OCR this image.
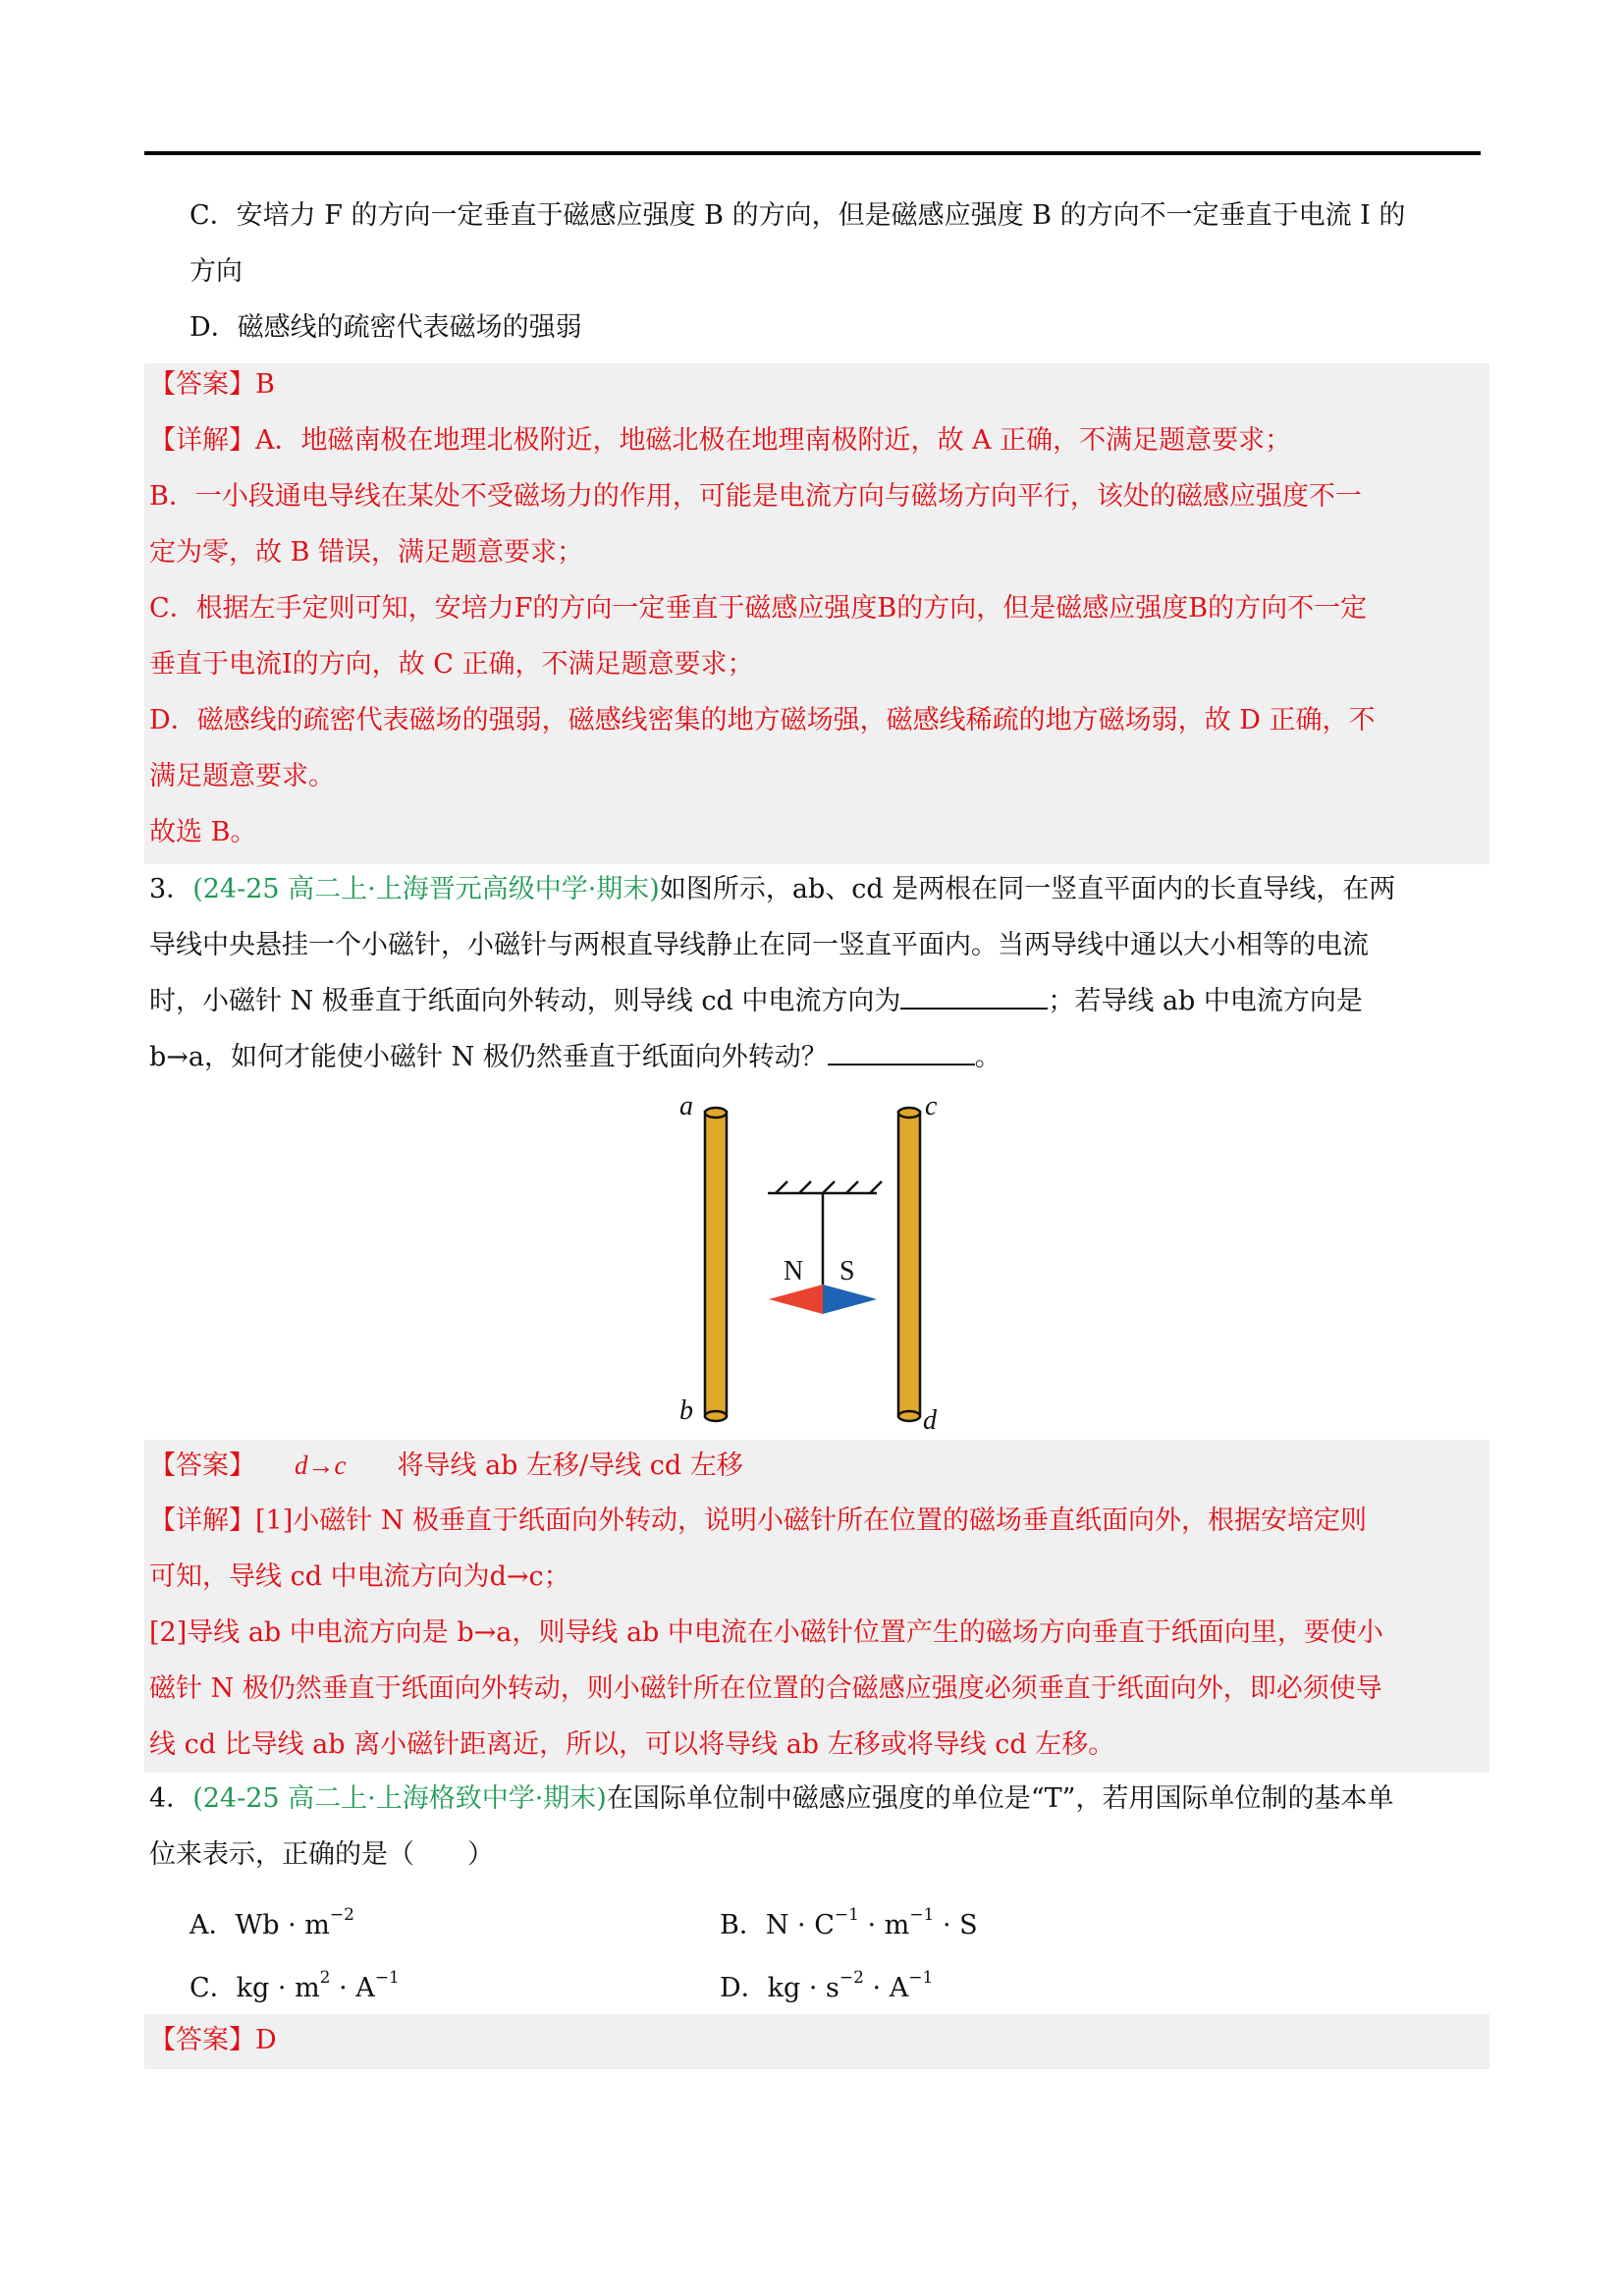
C．安培力 F 的方向一定垂直于磁感应强度 B 的方向，但是磁感应强度 B 的方向不一定垂直于电流 I 的
方向
D．磁感线的疏密代表磁场的强弱
【答案】B
【详解】A．地磁南极在地理北极附近，地磁北极在地理南极附近，故 A 正确，不满足题意要求；
B．一小段通电导线在某处不受磁场力的作用，可能是电流方向与磁场方向平行，该处的磁感应强度不一
定为零，故 B 错误，满足题意要求；
C．根据左手定则可知，安培力F的方向一定垂直于磁感应强度B的方向，但是磁感应强度B的方向不一定
垂直于电流I的方向，故 C 正确，不满足题意要求；
D．磁感线的疏密代表磁场的强弱，磁感线密集的地方磁场强，磁感线稀疏的地方磁场弱，故 D 正确，不
满足题意要求。
故选 B。
3．(24-25 高二上·上海晋元高级中学·期末)如图所示，ab、cd 是两根在同一竖直平面内的长直导线，在两
导线中央悬挂一个小磁针，小磁针与两根直导线静止在同一竖直平面内。当两导线中通以大小相等的电流
时，小磁针 N 极垂直于纸面向外转动，则导线 cd 中电流方向为	；若导线 ab 中电流方向是
b→a，如何才能使小磁针 N 极仍然垂直于纸面向外转动？	。
a
b
c
d
N S
【答案】 d→c 将导线 ab 左移/导线 cd 左移
【详解】[1]小磁针 N 极垂直于纸面向外转动，说明小磁针所在位置的磁场垂直纸面向外，根据安培定则
可知，导线 cd 中电流方向为d→c；
[2]导线 ab 中电流方向是 b→a，则导线 ab 中电流在小磁针位置产生的磁场方向垂直于纸面向里，要使小
磁针 N 极仍然垂直于纸面向外转动，则小磁针所在位置的合磁感应强度必须垂直于纸面向外，即必须使导
线 cd 比导线 ab 离小磁针距离近，所以，可以将导线 ab 左移或将导线 cd 左移。
4．(24-25 高二上·上海格致中学·期末)在国际单位制中磁感应强度的单位是“T”，若用国际单位制的基本单
位来表示，正确的是（　　）
A．$Wb \cdot m^{-2}$	B．$N \cdot C^{-1} \cdot m^{-1} \cdot S$
C．kg · $m^2 \cdot A^{-1}$	D．kg · $s^{-2} \cdot A^{-1}$
【答案】D
